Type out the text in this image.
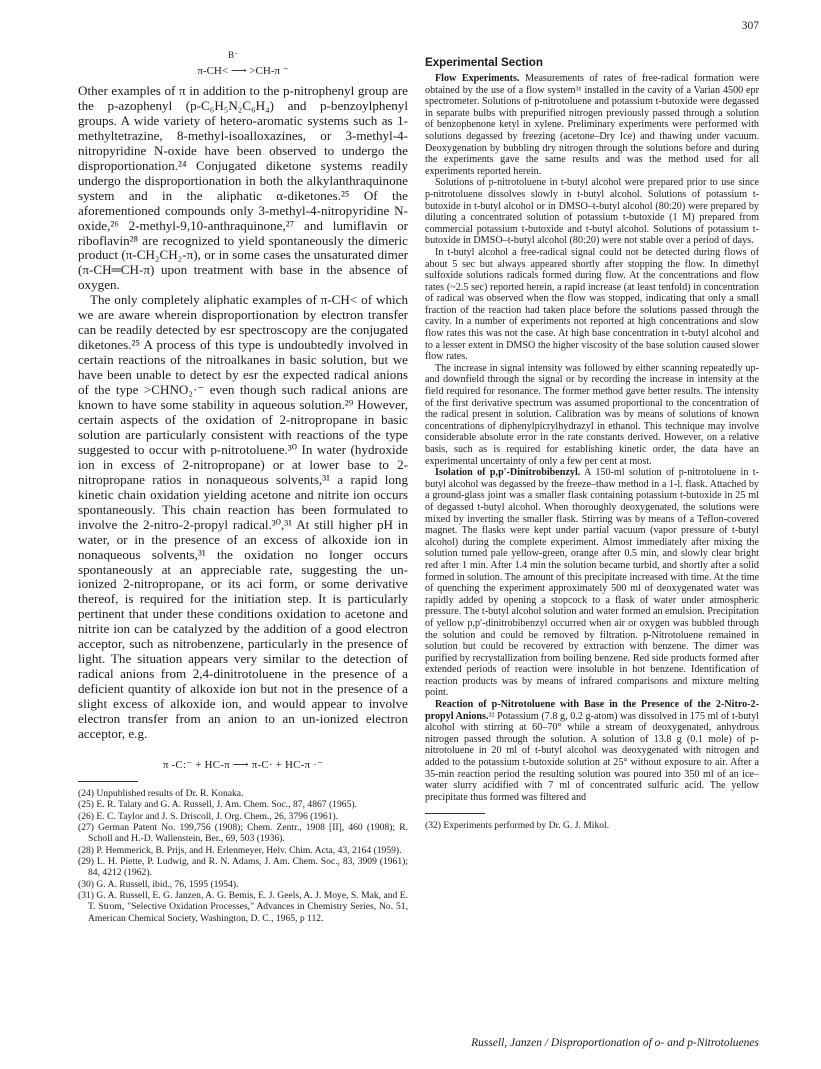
307
B⁻
π-CH< ⟶ >CH-π ⁻

Other examples of π in addition to the p-nitrophenyl group are the p-azophenyl (p-C₆H₅N₂C₆H₄) and p-benzoylphenyl groups. A wide variety of hetero-aromatic systems such as 1-methyltetrazine, 8-methyl-isoalloxazines, or 3-methyl-4-nitropyridine N-oxide have been observed to undergo the disproportionation.²⁴ Conjugated diketone systems readily undergo the disproportionation in both the alkylanthraquinone system and in the aliphatic α-diketones.²⁵ Of the aforementioned compounds only 3-methyl-4-nitropyridine N-oxide,²⁶ 2-methyl-9,10-anthraquinone,²⁷ and lumiflavin or riboflavin²⁸ are recognized to yield spontaneously the dimeric product (π-CH₂CH₂-π), or in some cases the unsaturated dimer (π-CH═CH-π) upon treatment with base in the absence of oxygen.

The only completely aliphatic examples of π-CH< of which we are aware wherein disproportionation by electron transfer can be readily detected by esr spectroscopy are the conjugated diketones.²⁵ A process of this type is undoubtedly involved in certain reactions of the nitroalkanes in basic solution, but we have been unable to detect by esr the expected radical anions of the type >CHNO₂·⁻ even though such radical anions are known to have some stability in aqueous solution.²⁹ However, certain aspects of the oxidation of 2-nitropropane in basic solution are particularly consistent with reactions of the type suggested to occur with p-nitrotoluene.³⁰ In water (hydroxide ion in excess of 2-nitropropane) or at lower base to 2-nitropropane ratios in nonaqueous solvents,³¹ a rapid long kinetic chain oxidation yielding acetone and nitrite ion occurs spontaneously. This chain reaction has been formulated to involve the 2-nitro-2-propyl radical.³⁰,³¹ At still higher pH in water, or in the presence of an excess of alkoxide ion in nonaqueous solvents,³¹ the oxidation no longer occurs spontaneously at an appreciable rate, suggesting the un-ionized 2-nitropropane, or its aci form, or some derivative thereof, is required for the initiation step. It is particularly pertinent that under these conditions oxidation to acetone and nitrite ion can be catalyzed by the addition of a good electron acceptor, such as nitrobenzene, particularly in the presence of light. The situation appears very similar to the detection of radical anions from 2,4-dinitrotoluene in the presence of a deficient quantity of alkoxide ion but not in the presence of a slight excess of alkoxide ion, and would appear to involve electron transfer from an anion to an un-ionized electron acceptor, e.g.

π -C:⁻ + HC-π ⟶ π-C· + HC-π ·⁻
(24) Unpublished results of Dr. R. Konaka.
(25) E. R. Talaty and G. A. Russell, J. Am. Chem. Soc., 87, 4867 (1965).
(26) E. C. Taylor and J. S. Driscoll, J. Org. Chem., 26, 3796 (1961).
(27) German Patent No. 199,756 (1908); Chem. Zentr., 1908 [II], 460 (1908); R. Scholl and H.-D. Wallenstein, Ber., 69, 503 (1936).
(28) P. Hemmerick, B. Prijs, and H. Erlenmeyer, Helv. Chim. Acta, 43, 2164 (1959).
(29) L. H. Piette, P. Ludwig, and R. N. Adams, J. Am. Chem. Soc., 83, 3909 (1961); 84, 4212 (1962).
(30) G. A. Russell, ibid., 76, 1595 (1954).
(31) G. A. Russell, E. G. Janzen, A. G. Bemis, E. J. Geels, A. J. Moye, S. Mak, and E. T. Strom, "Selective Oxidation Processes," Advances in Chemistry Series, No. 51, American Chemical Society, Washington, D. C., 1965, p 112.
Experimental Section

Flow Experiments. Measurements of rates of free-radical formation were obtained by the use of a flow system³¹ installed in the cavity of a Varian 4500 epr spectrometer. Solutions of p-nitrotoluene and potassium t-butoxide were degassed in separate bulbs with prepurified nitrogen previously passed through a solution of benzophenone ketyl in xylene. Preliminary experiments were performed with solutions degassed by freezing (acetone–Dry Ice) and thawing under vacuum. Deoxygenation by bubbling dry nitrogen through the solutions before and during the experiments gave the same results and was the method used for all experiments reported herein.

Solutions of p-nitrotoluene in t-butyl alcohol were prepared prior to use since p-nitrotoluene dissolves slowly in t-butyl alcohol. Solutions of potassium t-butoxide in t-butyl alcohol or in DMSO–t-butyl alcohol (80:20) were prepared by diluting a concentrated solution of potassium t-butoxide (1 M) prepared from commercial potassium t-butoxide and t-butyl alcohol. Solutions of potassium t-butoxide in DMSO–t-butyl alcohol (80:20) were not stable over a period of days.

In t-butyl alcohol a free-radical signal could not be detected during flows of about 5 sec but always appeared shortly after stopping the flow. In dimethyl sulfoxide solutions radicals formed during flow. At the concentrations and flow rates (~2.5 sec) reported herein, a rapid increase (at least tenfold) in concentration of radical was observed when the flow was stopped, indicating that only a small fraction of the reaction had taken place before the solutions passed through the cavity. In a number of experiments not reported at high concentrations and slow flow rates this was not the case. At high base concentration in t-butyl alcohol and to a lesser extent in DMSO the higher viscosity of the base solution caused slower flow rates.

The increase in signal intensity was followed by either scanning repeatedly up- and downfield through the signal or by recording the increase in intensity at the field required for resonance. The former method gave better results. The intensity of the first derivative spectrum was assumed proportional to the concentration of the radical present in solution. Calibration was by means of solutions of known concentrations of diphenylpicrylhydrazyl in ethanol. This technique may involve considerable absolute error in the rate constants derived. However, on a relative basis, such as is required for establishing kinetic order, the data have an experimental uncertainty of only a few per cent at most.

Isolation of p,p′-Dinitrobibenzyl. A 150-ml solution of p-nitrotoluene in t-butyl alcohol was degassed by the freeze–thaw method in a 1-l. flask. Attached by a ground-glass joint was a smaller flask containing potassium t-butoxide in 25 ml of degassed t-butyl alcohol. When thoroughly deoxygenated, the solutions were mixed by inverting the smaller flask. Stirring was by means of a Teflon-covered magnet. The flasks were kept under partial vacuum (vapor pressure of t-butyl alcohol) during the complete experiment. Almost immediately after mixing the solution turned pale yellow-green, orange after 0.5 min, and slowly clear bright red after 1 min. After 1.4 min the solution became turbid, and shortly after a solid formed in solution. The amount of this precipitate increased with time. At the time of quenching the experiment approximately 500 ml of deoxygenated water was rapidly added by opening a stopcock to a flask of water under atmospheric pressure. The t-butyl alcohol solution and water formed an emulsion. Precipitation of yellow p,p′-dinitrobibenzyl occurred when air or oxygen was bubbled through the solution and could be removed by filtration. p-Nitrotoluene remained in solution but could be recovered by extraction with benzene. The dimer was purified by recrystallization from boiling benzene. Red side products formed after extended periods of reaction were insoluble in hot benzene. Identification of reaction products was by means of infrared comparisons and mixture melting point.

Reaction of p-Nitrotoluene with Base in the Presence of the 2-Nitro-2-propyl Anions.³² Potassium (7.8 g, 0.2 g-atom) was dissolved in 175 ml of t-butyl alcohol with stirring at 60–70° while a stream of deoxygenated, anhydrous nitrogen passed through the solution. A solution of 13.8 g (0.1 mole) of p-nitrotoluene in 20 ml of t-butyl alcohol was deoxygenated with nitrogen and added to the potassium t-butoxide solution at 25° without exposure to air. After a 35-min reaction period the resulting solution was poured into 350 ml of an ice–water slurry acidified with 7 ml of concentrated sulfuric acid. The yellow precipitate thus formed was filtered and

(32) Experiments performed by Dr. G. J. Mikol.
Russell, Janzen / Disproportionation of o- and p-Nitrotoluenes
